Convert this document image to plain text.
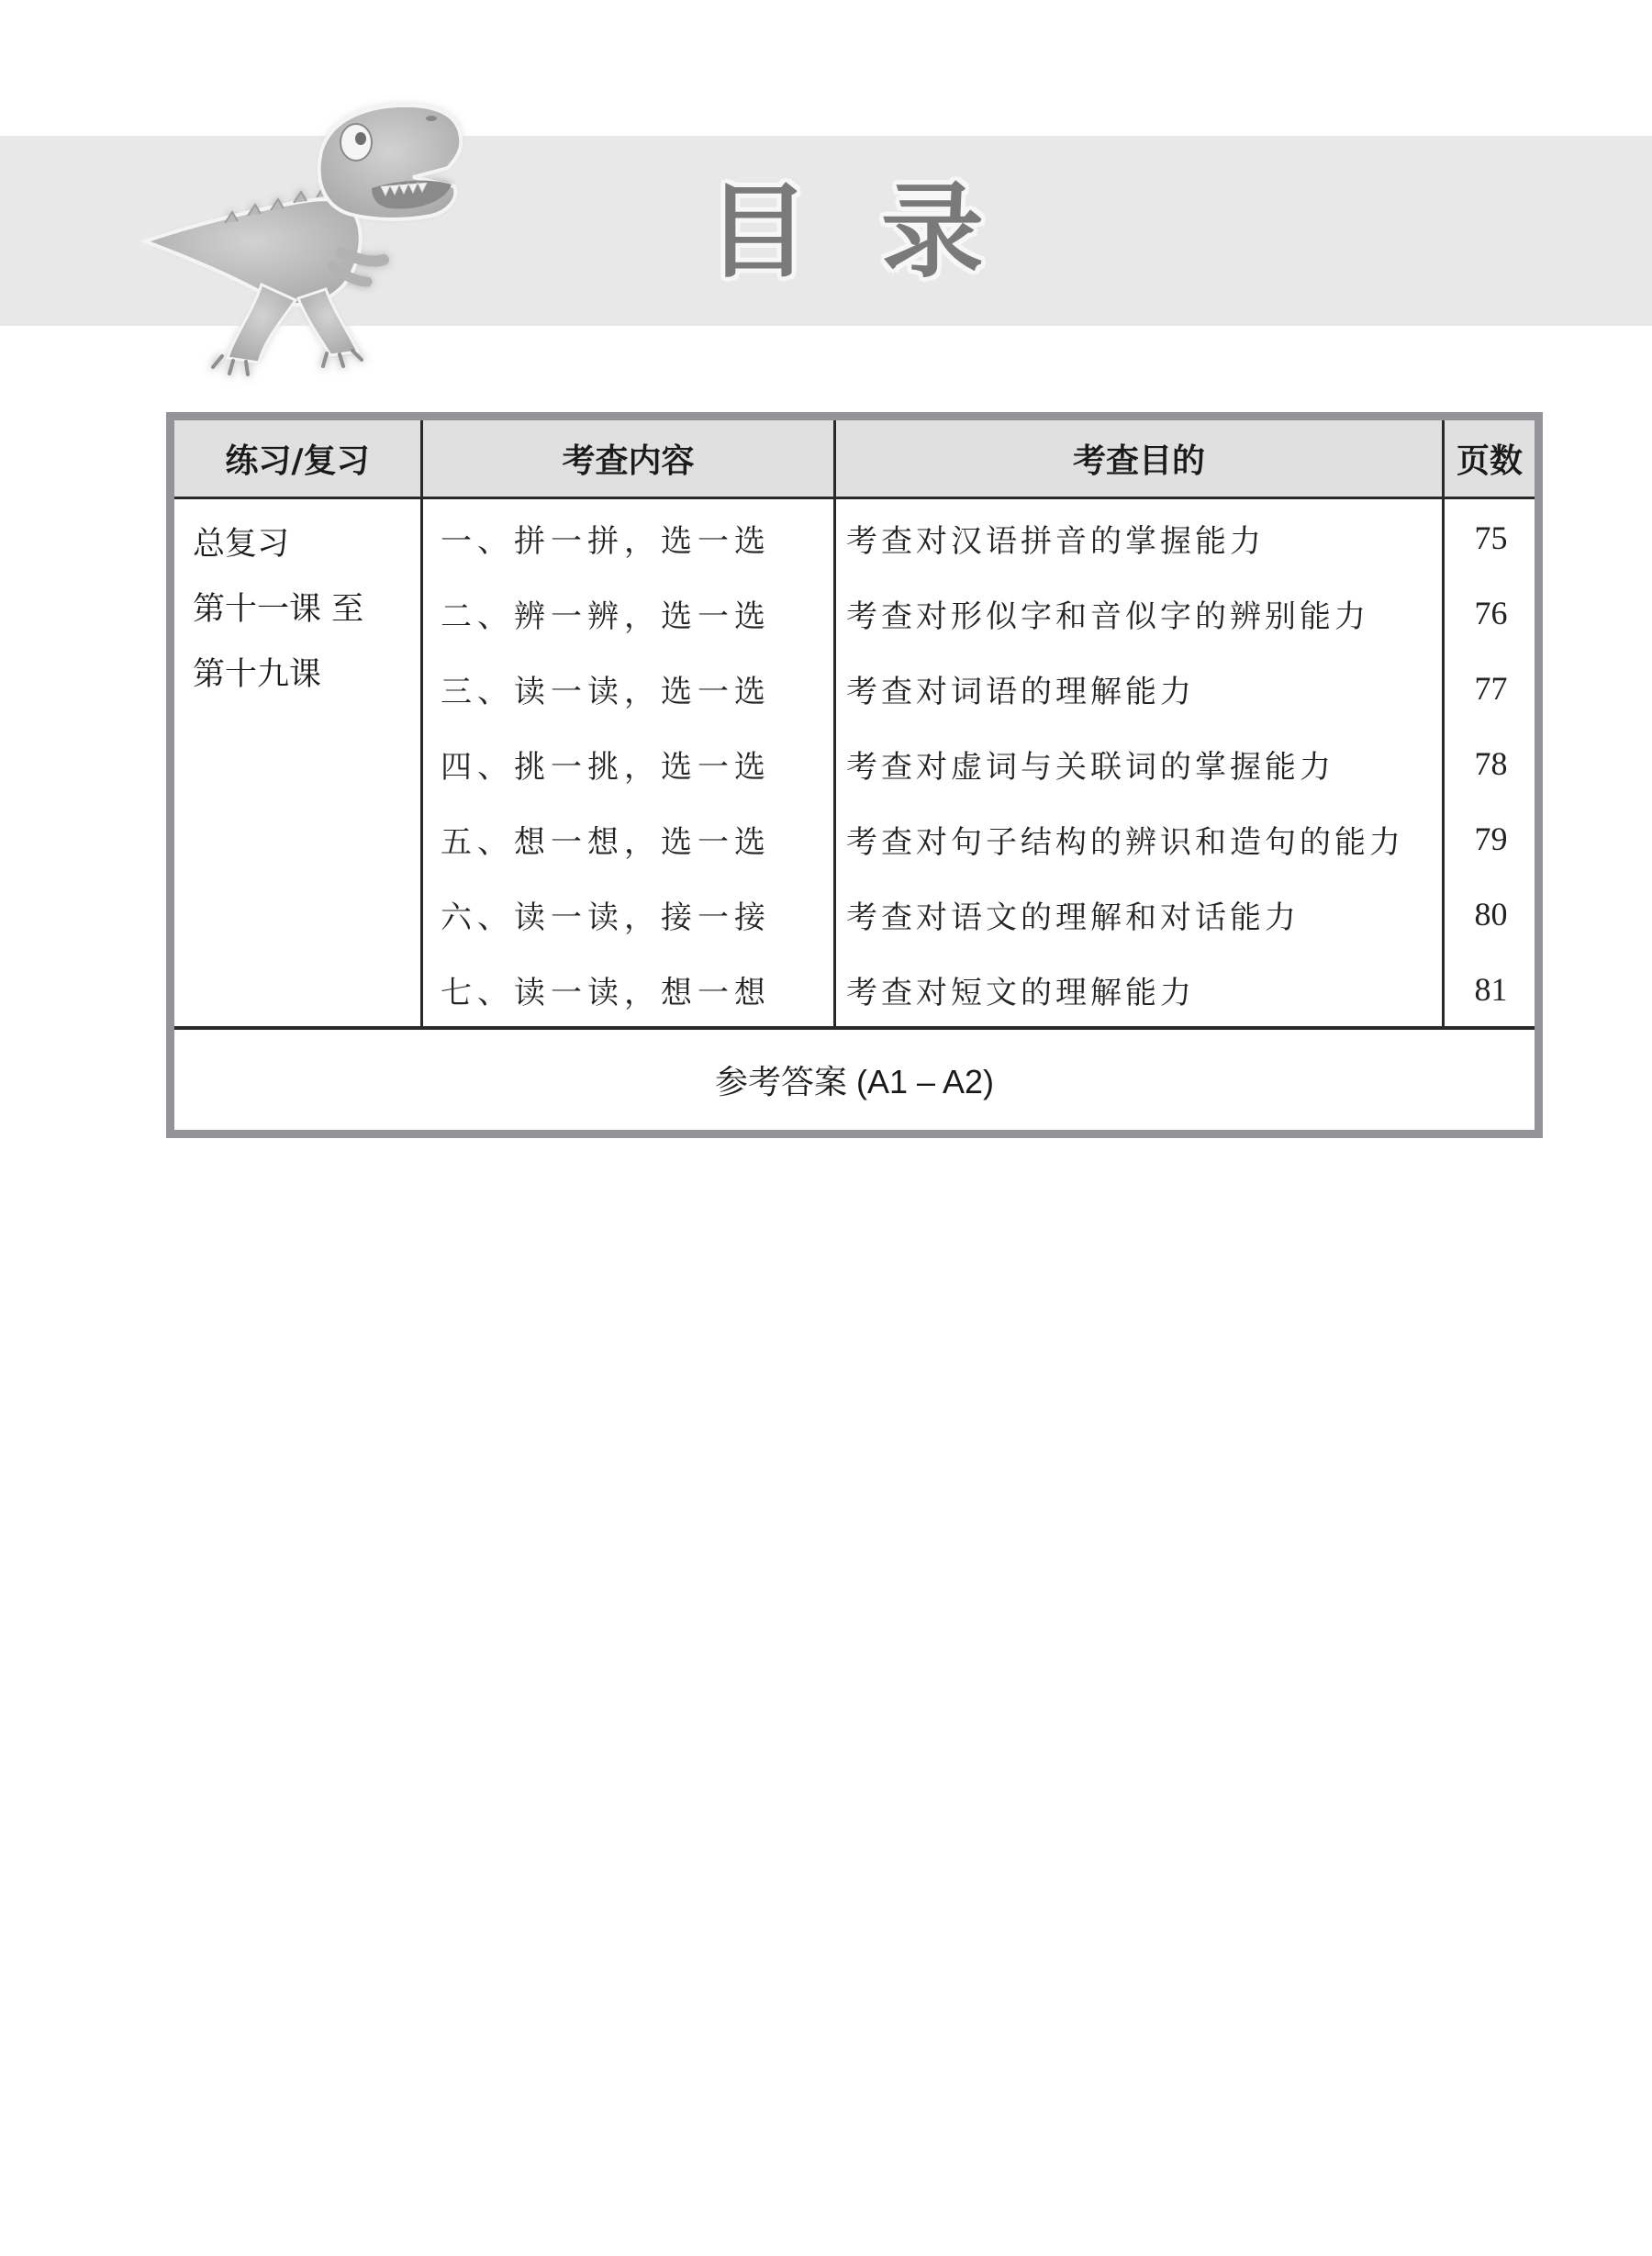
目 录
练习/复习	考查内容	考查目的	页数
总复习
第十一课 至
第十九课
一、拼一拼，选一选	考查对汉语拼音的掌握能力	75
二、辨一辨，选一选	考查对形似字和音似字的辨别能力	76
三、读一读，选一选	考查对词语的理解能力	77
四、挑一挑，选一选	考查对虚词与关联词的掌握能力	78
五、想一想，选一选	考查对句子结构的辨识和造句的能力	79
六、读一读，接一接	考查对语文的理解和对话能力	80
七、读一读，想一想	考查对短文的理解能力	81
参考答案 (A1 – A2)
